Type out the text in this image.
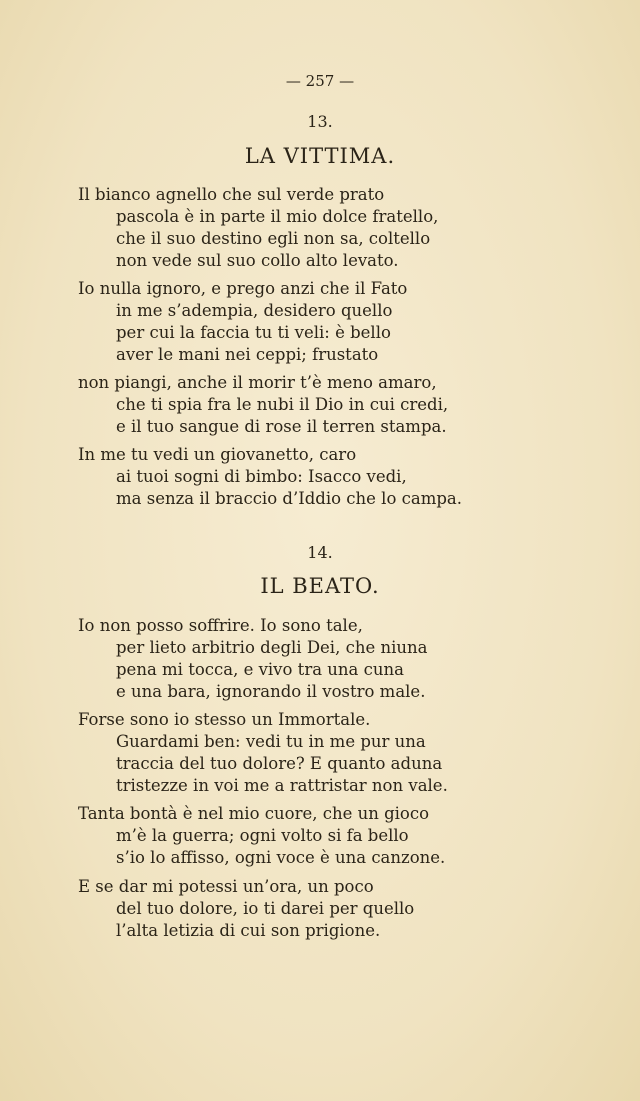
— 257 —
13.
LA VITTIMA.
Il bianco agnello che sul verde prato
pascola è in parte il mio dolce fratello,
che il suo destino egli non sa, coltello
non vede sul suo collo alto levato.
Io nulla ignoro, e prego anzi che il Fato
in me s’adempia, desidero quello
per cui la faccia tu ti veli: è bello
aver le mani nei ceppi; frustato
non piangi, anche il morir t’è meno amaro,
che ti spia fra le nubi il Dio in cui credi,
e il tuo sangue di rose il terren stampa.
In me tu vedi un giovanetto, caro
ai tuoi sogni di bimbo: Isacco vedi,
ma senza il braccio d’Iddio che lo campa.
14.
IL BEATO.
Io non posso soffrire. Io sono tale,
per lieto arbitrio degli Dei, che niuna
pena mi tocca, e vivo tra una cuna
e una bara, ignorando il vostro male.
Forse sono io stesso un Immortale.
Guardami ben: vedi tu in me pur una
traccia del tuo dolore? E quanto aduna
tristezze in voi me a rattristar non vale.
Tanta bontà è nel mio cuore, che un gioco
m’è la guerra; ogni volto si fa bello
s’io lo affisso, ogni voce è una canzone.
E se dar mi potessi un’ora, un poco
del tuo dolore, io ti darei per quello
l’alta letizia di cui son prigione.
